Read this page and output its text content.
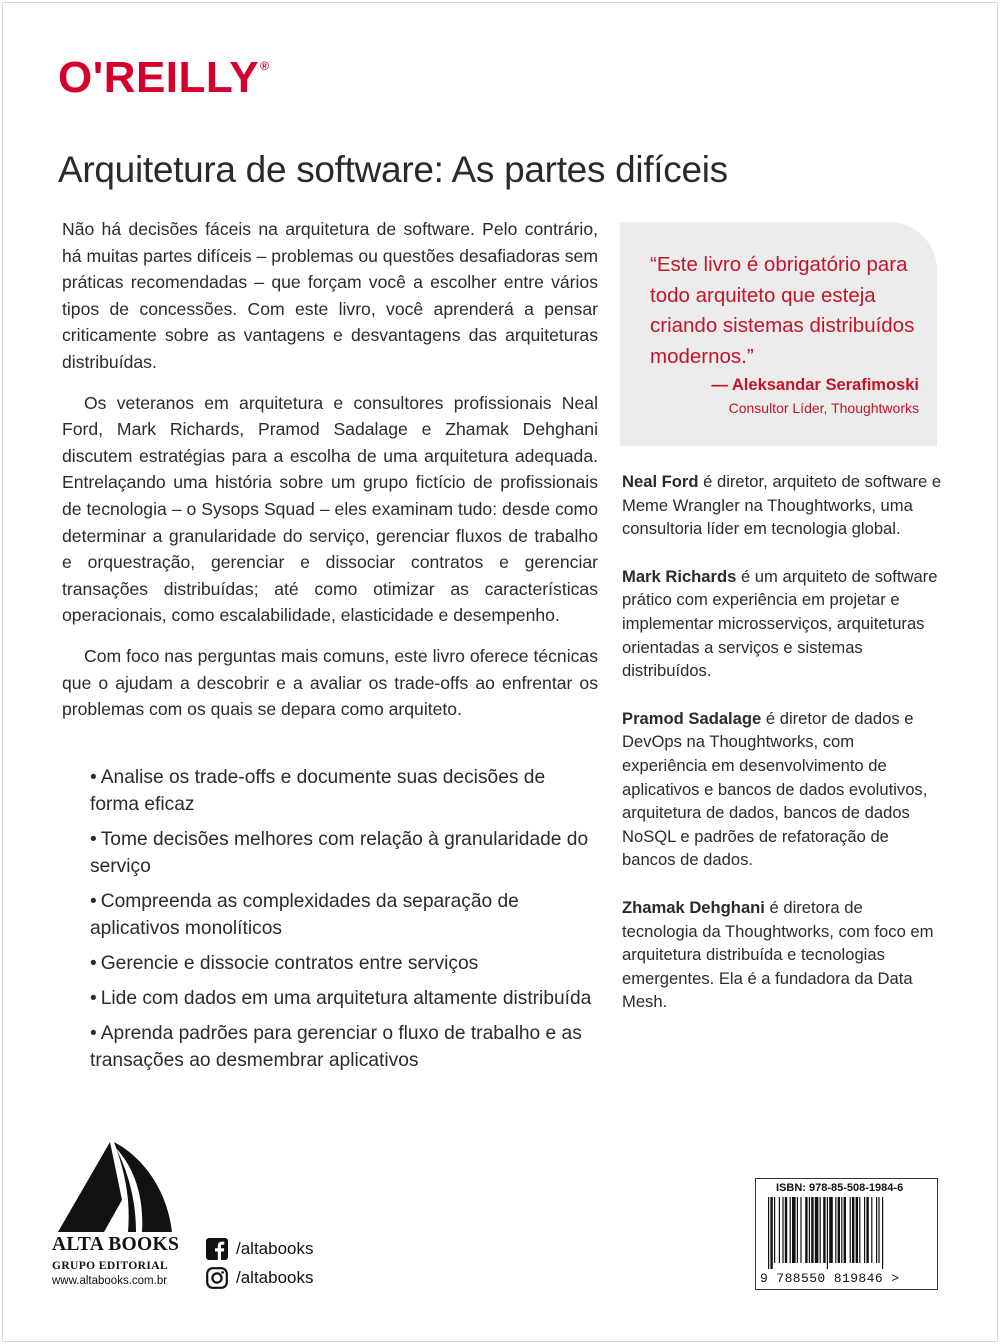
O'REILLY®
Arquitetura de software: As partes difíceis

Não há decisões fáceis na arquitetura de software. Pelo contrário, há muitas partes difíceis – problemas ou questões desafiadoras sem práticas recomendadas – que forçam você a escolher entre vários tipos de concessões. Com este livro, você aprenderá a pensar criticamente sobre as vantagens e desvantagens das arquiteturas distribuídas.

Os veteranos em arquitetura e consultores profissionais Neal Ford, Mark Richards, Pramod Sadalage e Zhamak Dehghani discutem estratégias para a escolha de uma arquitetura adequada. Entrelaçando uma história sobre um grupo fictício de profissionais de tecnologia – o Sysops Squad – eles examinam tudo: desde como determinar a granularidade do serviço, gerenciar fluxos de trabalho e orquestração, gerenciar e dissociar contratos e gerenciar transações distribuídas; até como otimizar as características operacionais, como escalabilidade, elasticidade e desempenho.

Com foco nas perguntas mais comuns, este livro oferece técnicas que o ajudam a descobrir e a avaliar os trade-offs ao enfrentar os problemas com os quais se depara como arquiteto.

• Analise os trade-offs e documente suas decisões de forma eficaz
• Tome decisões melhores com relação à granularidade do serviço
• Compreenda as complexidades da separação de aplicativos monolíticos
• Gerencie e dissocie contratos entre serviços
• Lide com dados em uma arquitetura altamente distribuída
• Aprenda padrões para gerenciar o fluxo de trabalho e as transações ao desmembrar aplicativos
“Este livro é obrigatório para todo arquiteto que esteja criando sistemas distribuídos modernos.”
— Aleksandar Serafimoski
Consultor Líder, Thoughtworks

Neal Ford é diretor, arquiteto de software e Meme Wrangler na Thoughtworks, uma consultoria líder em tecnologia global.

Mark Richards é um arquiteto de software prático com experiência em projetar e implementar microsserviços, arquiteturas orientadas a serviços e sistemas distribuídos.

Pramod Sadalage é diretor de dados e DevOps na Thoughtworks, com experiência em desenvolvimento de aplicativos e bancos de dados evolutivos, arquitetura de dados, bancos de dados NoSQL e padrões de refatoração de bancos de dados.

Zhamak Dehghani é diretora de tecnologia da Thoughtworks, com foco em arquitetura distribuída e tecnologias emergentes. Ela é a fundadora da Data Mesh.

ALTA BOOKS
GRUPO EDITORIAL
www.altabooks.com.br
/altabooks
/altabooks
ISBN: 978-85-508-1984-6
9 788550 819846 >
